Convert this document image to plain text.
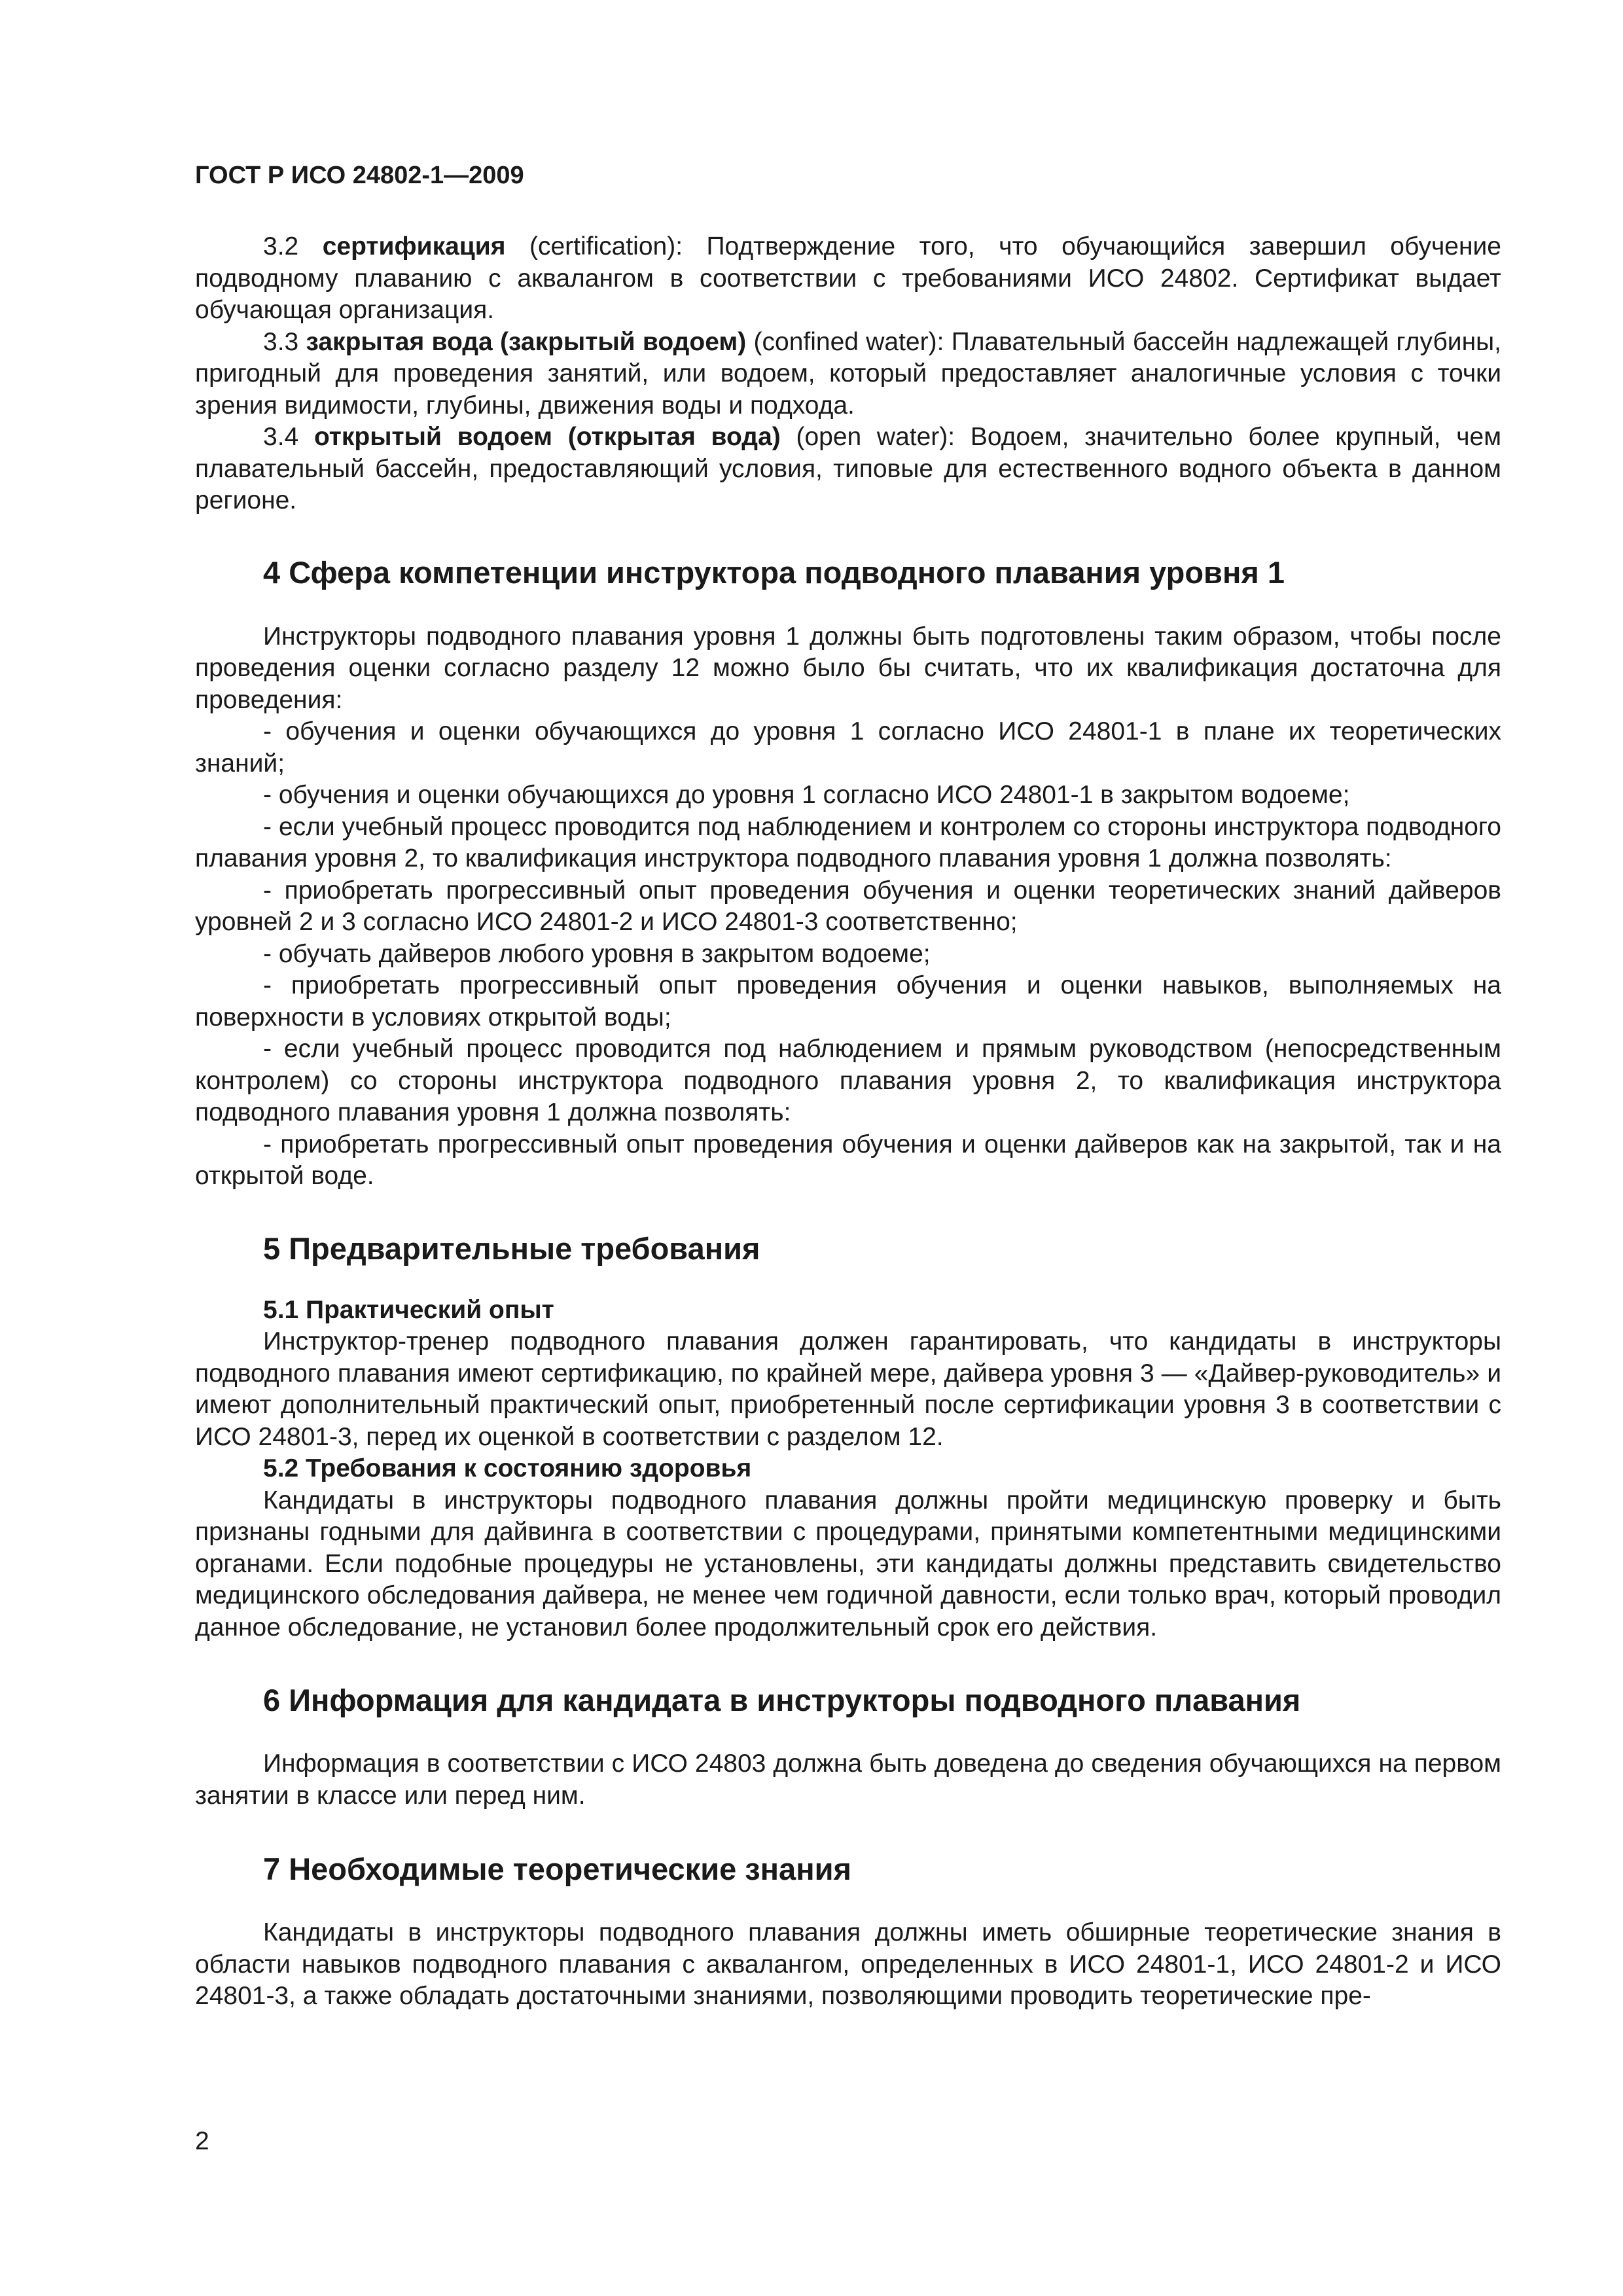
ГОСТ Р ИСО 24802-1—2009

3.2 сертификация (certification): Подтверждение того, что обучающийся завершил обучение подводному плаванию с аквалангом в соответствии с требованиями ИСО 24802. Сертификат выдает обучающая организация.

3.3 закрытая вода (закрытый водоем) (confined water): Плавательный бассейн надлежащей глубины, пригодный для проведения занятий, или водоем, который предоставляет аналогичные условия с точки зрения видимости, глубины, движения воды и подхода.

3.4 открытый водоем (открытая вода) (open water): Водоем, значительно более крупный, чем плавательный бассейн, предоставляющий условия, типовые для естественного водного объекта в данном регионе.

4 Сфера компетенции инструктора подводного плавания уровня 1

Инструкторы подводного плавания уровня 1 должны быть подготовлены таким образом, чтобы после проведения оценки согласно разделу 12 можно было бы считать, что их квалификация достаточна для проведения:

- обучения и оценки обучающихся до уровня 1 согласно ИСО 24801-1 в плане их теоретических знаний;

- обучения и оценки обучающихся до уровня 1 согласно ИСО 24801-1 в закрытом водоеме;

- если учебный процесс проводится под наблюдением и контролем со стороны инструктора подводного плавания уровня 2, то квалификация инструктора подводного плавания уровня 1 должна позволять:

- приобретать прогрессивный опыт проведения обучения и оценки теоретических знаний дайверов уровней 2 и 3 согласно ИСО 24801-2 и ИСО 24801-3 соответственно;

- обучать дайверов любого уровня в закрытом водоеме;

- приобретать прогрессивный опыт проведения обучения и оценки навыков, выполняемых на поверхности в условиях открытой воды;

- если учебный процесс проводится под наблюдением и прямым руководством (непосредственным контролем) со стороны инструктора подводного плавания уровня 2, то квалификация инструктора подводного плавания уровня 1 должна позволять:

- приобретать прогрессивный опыт проведения обучения и оценки дайверов как на закрытой, так и на открытой воде.

5 Предварительные требования
5.1 Практический опыт

Инструктор-тренер подводного плавания должен гарантировать, что кандидаты в инструкторы подводного плавания имеют сертификацию, по крайней мере, дайвера уровня 3 — «Дайвер-руководитель» и имеют дополнительный практический опыт, приобретенный после сертификации уровня 3 в соответствии с ИСО 24801-3, перед их оценкой в соответствии с разделом 12.

5.2 Требования к состоянию здоровья

Кандидаты в инструкторы подводного плавания должны пройти медицинскую проверку и быть признаны годными для дайвинга в соответствии с процедурами, принятыми компетентными медицинскими органами. Если подобные процедуры не установлены, эти кандидаты должны представить свидетельство медицинского обследования дайвера, не менее чем годичной давности, если только врач, который проводил данное обследование, не установил более продолжительный срок его действия.

6 Информация для кандидата в инструкторы подводного плавания

Информация в соответствии с ИСО 24803 должна быть доведена до сведения обучающихся на первом занятии в классе или перед ним.

7 Необходимые теоретические знания

Кандидаты в инструкторы подводного плавания должны иметь обширные теоретические знания в области навыков подводного плавания с аквалангом, определенных в ИСО 24801-1, ИСО 24801-2 и ИСО 24801-3, а также обладать достаточными знаниями, позволяющими проводить теоретические пре-

2
